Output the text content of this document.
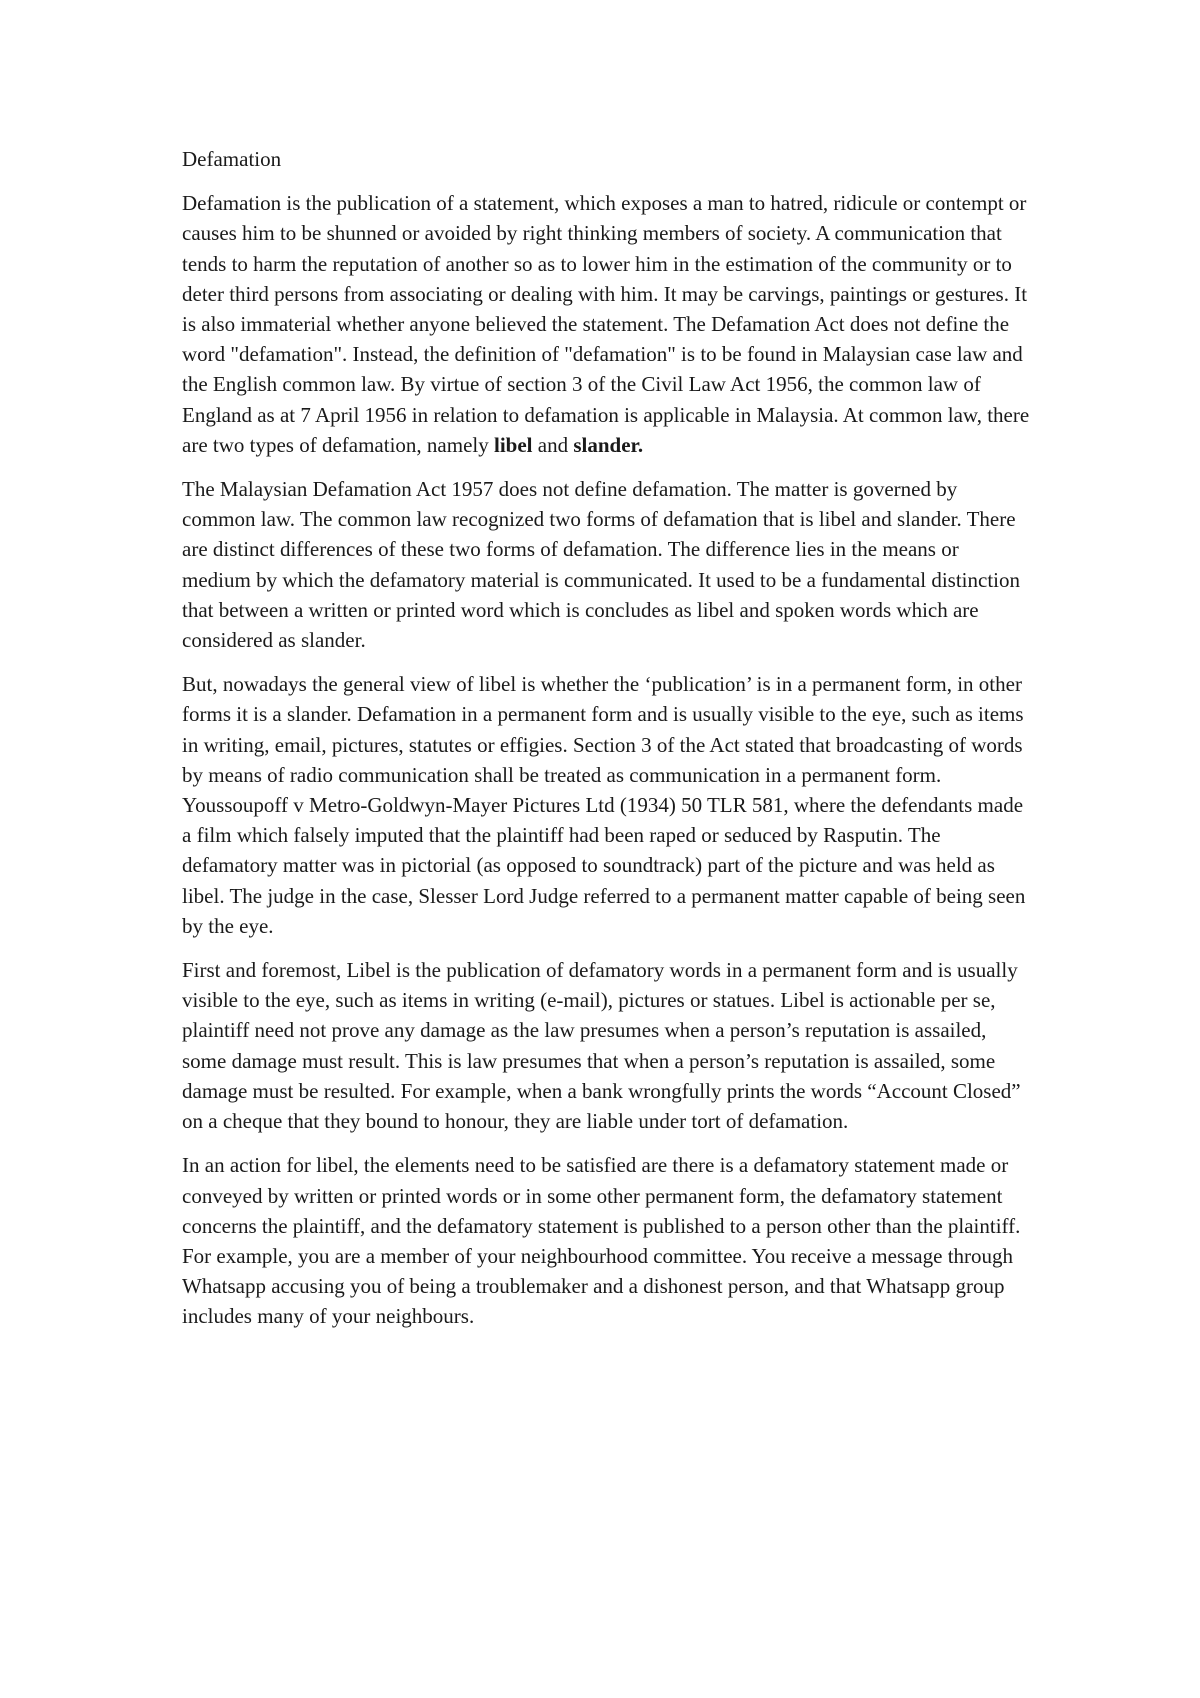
Defamation

Defamation is the publication of a statement, which exposes a man to hatred, ridicule or contempt or causes him to be shunned or avoided by right thinking members of society. A communication that tends to harm the reputation of another so as to lower him in the estimation of the community or to deter third persons from associating or dealing with him. It may be carvings, paintings or gestures. It is also immaterial whether anyone believed the statement. The Defamation Act does not define the word "defamation". Instead, the definition of "defamation" is to be found in Malaysian case law and the English common law. By virtue of section 3 of the Civil Law Act 1956, the common law of England as at 7 April 1956 in relation to defamation is applicable in Malaysia. At common law, there are two types of defamation, namely libel and slander.

The Malaysian Defamation Act 1957 does not define defamation. The matter is governed by common law. The common law recognized two forms of defamation that is libel and slander. There are distinct differences of these two forms of defamation. The difference lies in the means or medium by which the defamatory material is communicated. It used to be a fundamental distinction that between a written or printed word which is concludes as libel and spoken words which are considered as slander.

But, nowadays the general view of libel is whether the ‘publication’ is in a permanent form, in other forms it is a slander. Defamation in a permanent form and is usually visible to the eye, such as items in writing, email, pictures, statutes or effigies. Section 3 of the Act stated that broadcasting of words by means of radio communication shall be treated as communication in a permanent form. Youssoupoff v Metro-Goldwyn-Mayer Pictures Ltd (1934) 50 TLR 581, where the defendants made a film which falsely imputed that the plaintiff had been raped or seduced by Rasputin. The defamatory matter was in pictorial (as opposed to soundtrack) part of the picture and was held as libel. The judge in the case, Slesser Lord Judge referred to a permanent matter capable of being seen by the eye.

First and foremost, Libel is the publication of defamatory words in a permanent form and is usually visible to the eye, such as items in writing (e-mail), pictures or statues. Libel is actionable per se, plaintiff need not prove any damage as the law presumes when a person’s reputation is assailed, some damage must result. This is law presumes that when a person’s reputation is assailed, some damage must be resulted. For example, when a bank wrongfully prints the words “Account Closed” on a cheque that they bound to honour, they are liable under tort of defamation.

In an action for libel, the elements need to be satisfied are there is a defamatory statement made or conveyed by written or printed words or in some other permanent form, the defamatory statement concerns the plaintiff, and the defamatory statement is published to a person other than the plaintiff. For example, you are a member of your neighbourhood committee. You receive a message through Whatsapp accusing you of being a troublemaker and a dishonest person, and that Whatsapp group includes many of your neighbours.
